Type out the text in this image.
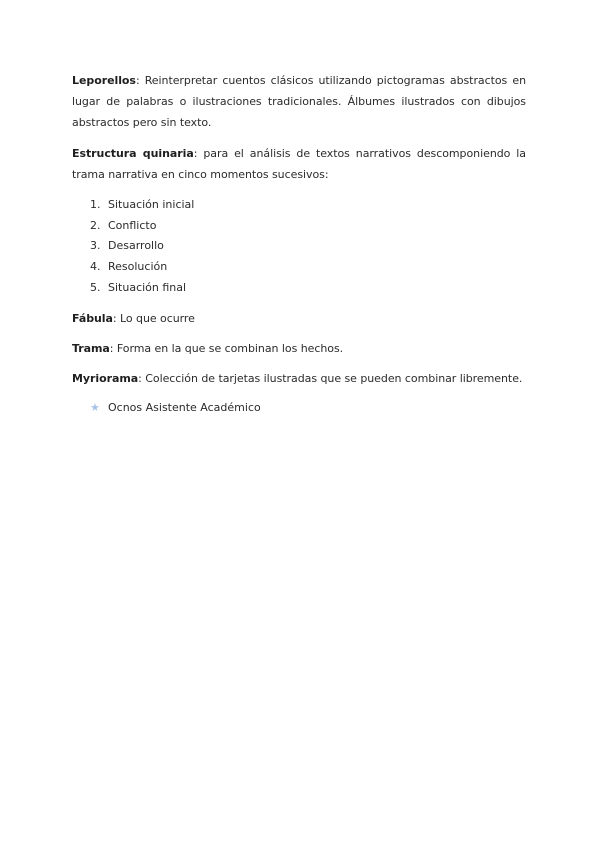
Leporellos: Reinterpretar cuentos clásicos utilizando pictogramas abstractos en lugar de palabras o ilustraciones tradicionales. Álbumes ilustrados con dibujos abstractos pero sin texto.

Estructura quinaria: para el análisis de textos narrativos descomponiendo la trama narrativa en cinco momentos sucesivos:

1. Situación inicial
2. Conflicto
3. Desarrollo
4. Resolución
5. Situación final

Fábula: Lo que ocurre

Trama: Forma en la que se combinan los hechos.

Myriorama: Colección de tarjetas ilustradas que se pueden combinar libremente.

★ Ocnos Asistente Académico
